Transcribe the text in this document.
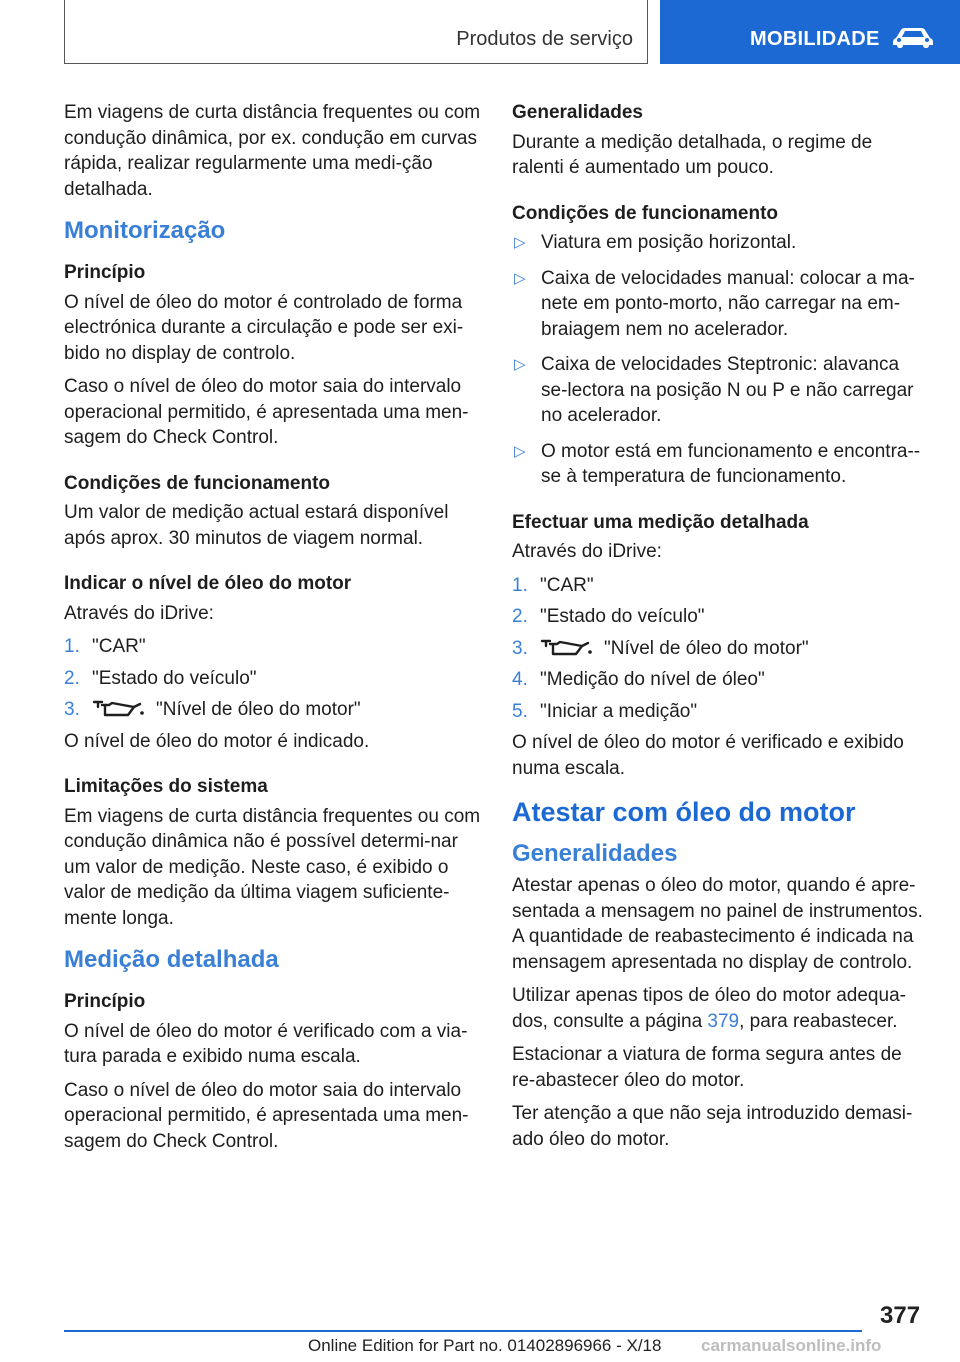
Produtos de serviço	MOBILIDADE

Em viagens de curta distância frequentes ou com condução dinâmica, por ex. condução em curvas rápida, realizar regularmente uma medi-ção detalhada.

Monitorização

Princípio

O nível de óleo do motor é controlado de forma electrónica durante a circulação e pode ser exi-bido no display de controlo.

Caso o nível de óleo do motor saia do intervalo operacional permitido, é apresentada uma men-sagem do Check Control.

Condições de funcionamento

Um valor de medição actual estará disponível após aprox. 30 minutos de viagem normal.

Indicar o nível de óleo do motor

Através do iDrive:

1. "CAR"
2. "Estado do veículo"
3.	"Nível de óleo do motor"

O nível de óleo do motor é indicado.

Limitações do sistema

Em viagens de curta distância frequentes ou com condução dinâmica não é possível determi-nar um valor de medição. Neste caso, é exibido o valor de medição da última viagem suficiente-mente longa.

Medição detalhada

Princípio

O nível de óleo do motor é verificado com a via-tura parada e exibido numa escala.

Caso o nível de óleo do motor saia do intervalo operacional permitido, é apresentada uma men-sagem do Check Control.

Generalidades

Durante a medição detalhada, o regime de ralenti é aumentado um pouco.

Condições de funcionamento

▷ Viatura em posição horizontal.
▷ Caixa de velocidades manual: colocar a ma-nete em ponto-morto, não carregar na em-braiagem nem no acelerador.
▷ Caixa de velocidades Steptronic: alavanca se-lectora na posição N ou P e não carregar no acelerador.
▷ O motor está em funcionamento e encontra--se à temperatura de funcionamento.

Efectuar uma medição detalhada

Através do iDrive:

1. "CAR"
2. "Estado do veículo"
3.	"Nível de óleo do motor"
4. "Medição do nível de óleo"
5. "Iniciar a medição"

O nível de óleo do motor é verificado e exibido numa escala.

Atestar com óleo do motor
Generalidades

Atestar apenas o óleo do motor, quando é apre-sentada a mensagem no painel de instrumentos. A quantidade de reabastecimento é indicada na mensagem apresentada no display de controlo.

Utilizar apenas tipos de óleo do motor adequa-dos, consulte a página 379, para reabastecer.

Estacionar a viatura de forma segura antes de re-abastecer óleo do motor.

Ter atenção a que não seja introduzido demasi-ado óleo do motor.

377
Online Edition for Part no. 01402896966 - X/18 carmanualsonline.info
